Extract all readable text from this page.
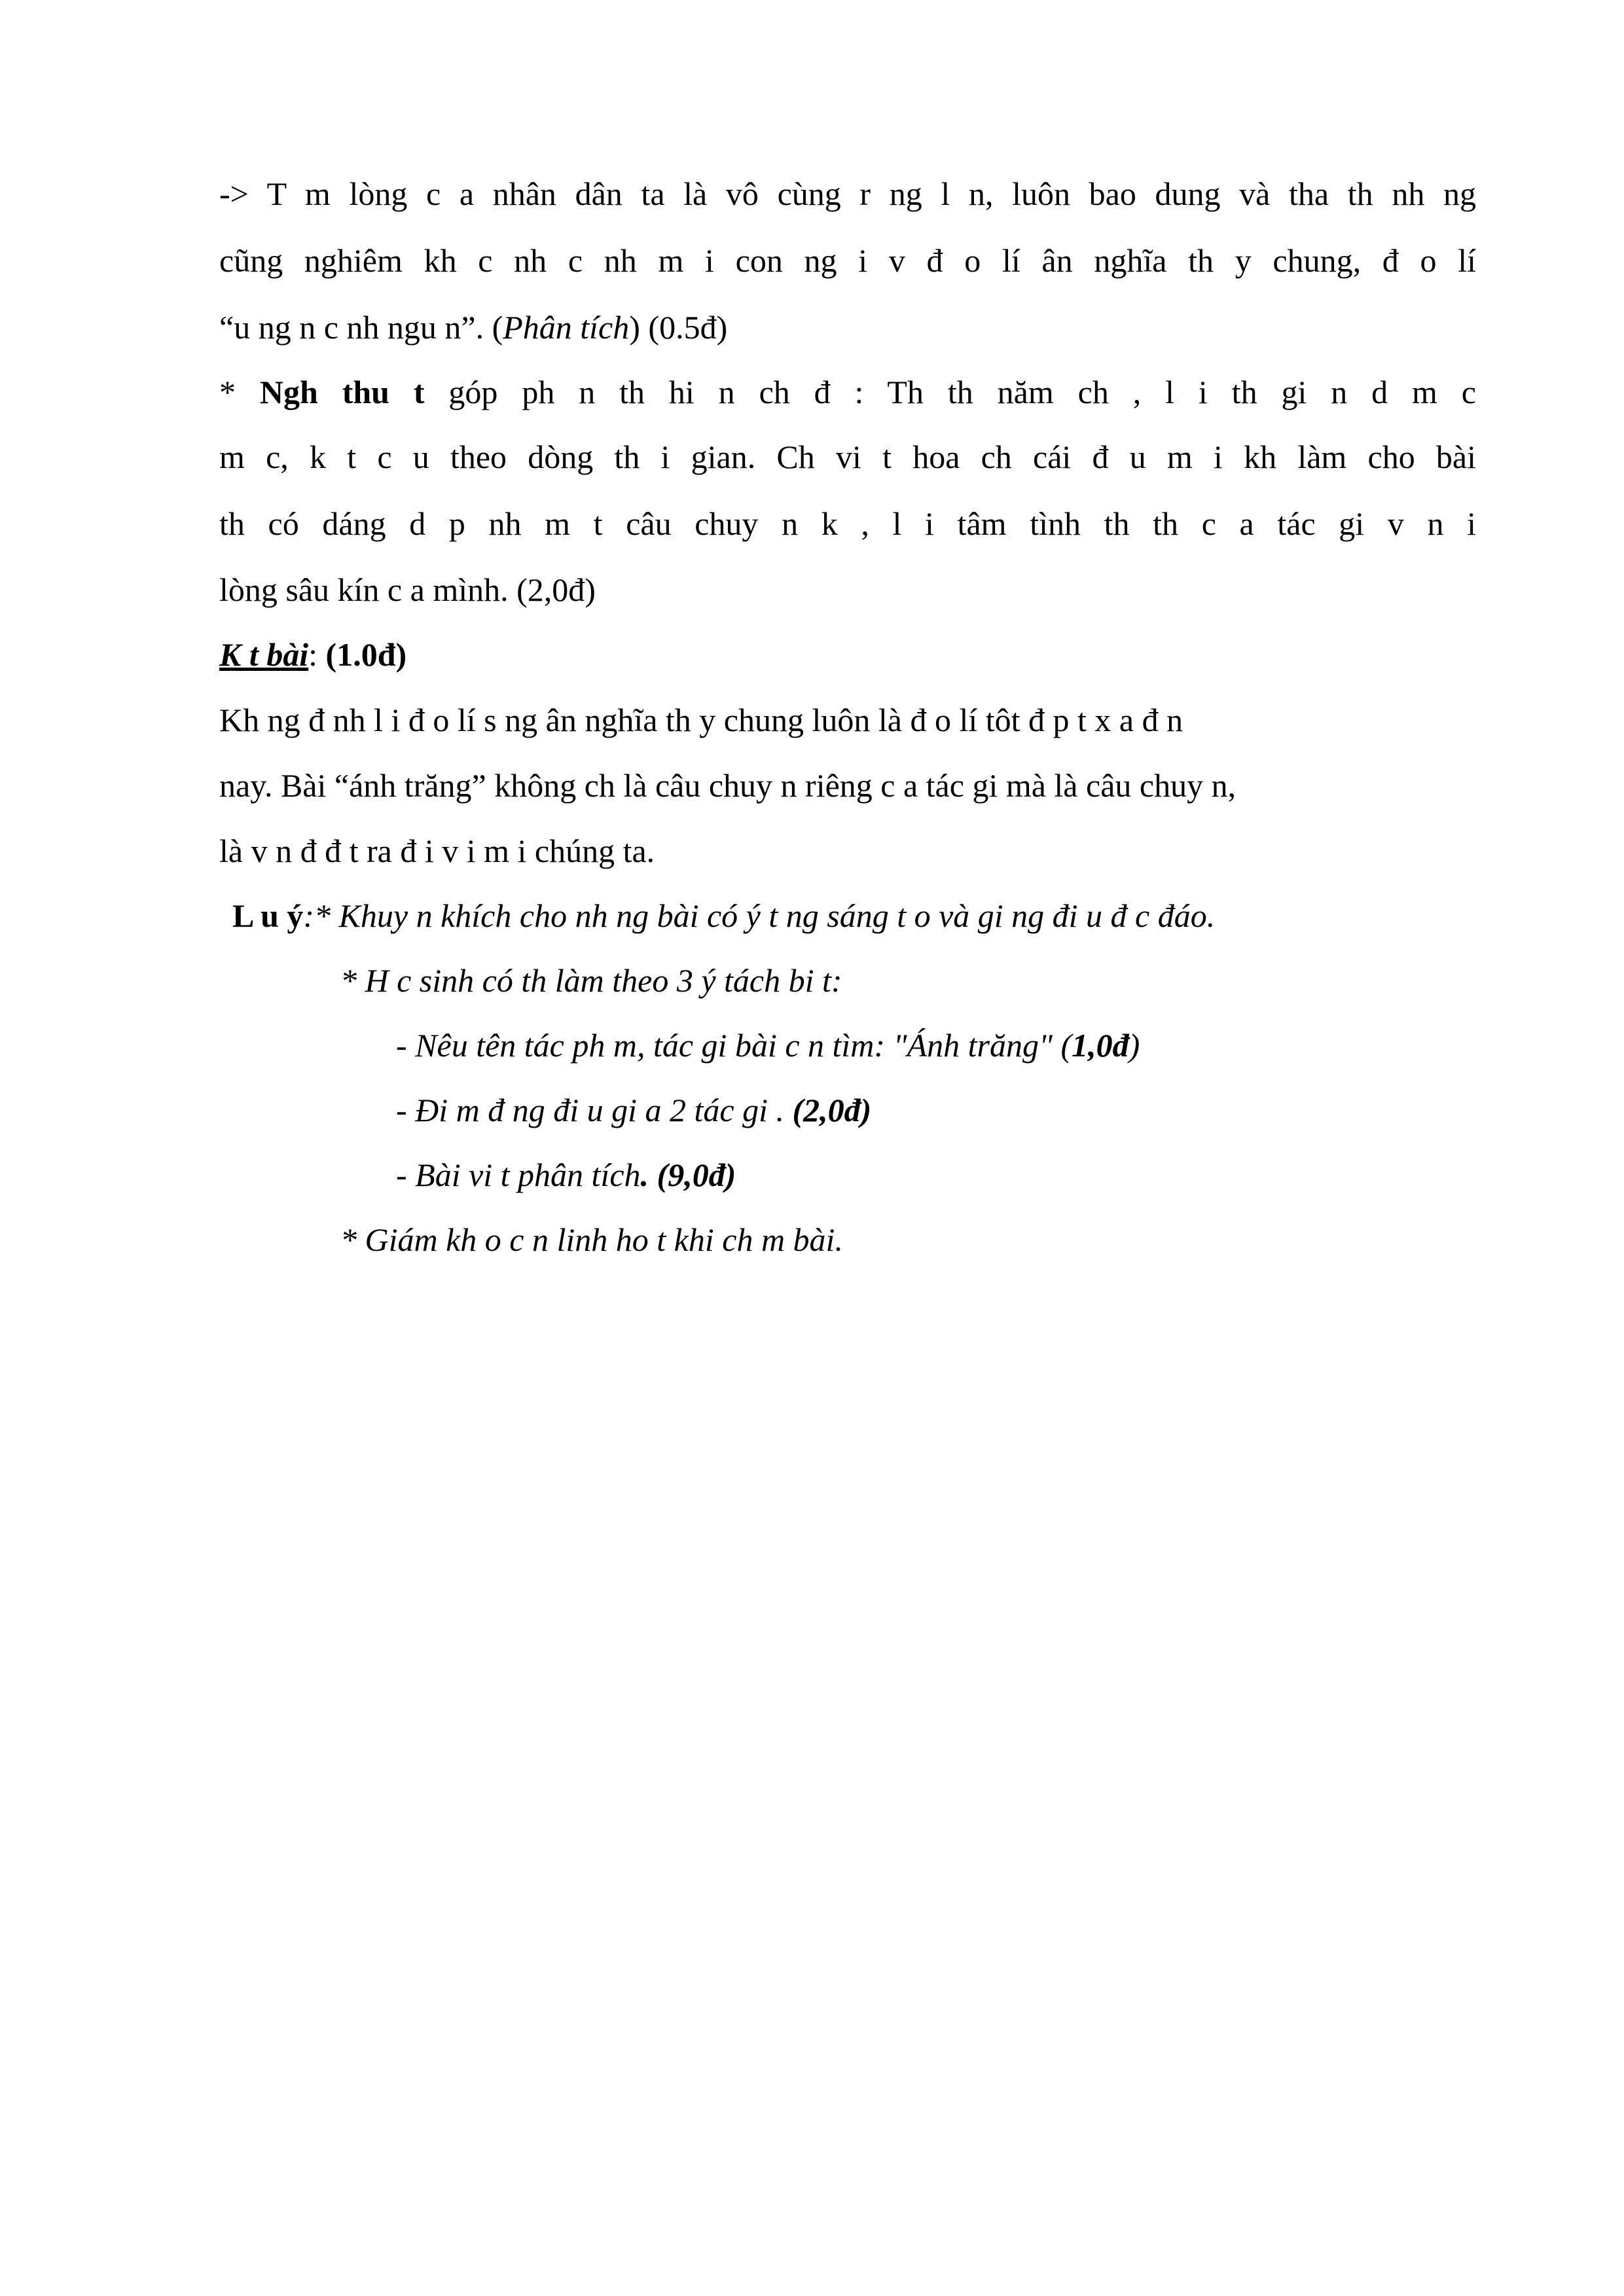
-> T m lòng c a nhân dân ta là vô cùng r ng l n, luôn bao dung và tha th nh ng
cũng nghiêm kh c nh c nh m i con ng i v đ o lí ân nghĩa th y chung, đ o lí
“u ng n c nh ngu n”. (Phân tích) (0.5đ)
* Ngh thu t góp ph n th hi n ch đ : Th th năm ch , l i th gi n d m c
m c, k t c u theo dòng th i gian. Ch vi t hoa ch cái đ u m i kh làm cho bài
th có dáng d p nh m t câu chuy n k , l i tâm tình th th c a tác gi v n i
lòng sâu kín c a mình. (2,0đ)
K t bài: (1.0đ)
Kh ng đ nh l i đ o lí s ng ân nghĩa th y chung luôn là đ o lí tôt đ p t x a đ n
nay. Bài “ánh trăng” không ch là câu chuy n riêng c a tác gi mà là câu chuy n,
là v n đ đ t ra đ i v i m i chúng ta.
L u ý:* Khuy n khích cho nh ng bài có ý t ng sáng t o và gi ng đi u đ c đáo.
* H c sinh có th làm theo 3 ý tách bi t:
- Nêu tên tác ph m, tác gi bài c n tìm: "Ánh trăng" (1,0đ)
- Đi m đ ng đi u gi a 2 tác gi . (2,0đ)
- Bài vi t phân tích. (9,0đ)
* Giám kh o c n linh ho t khi ch m bài.
